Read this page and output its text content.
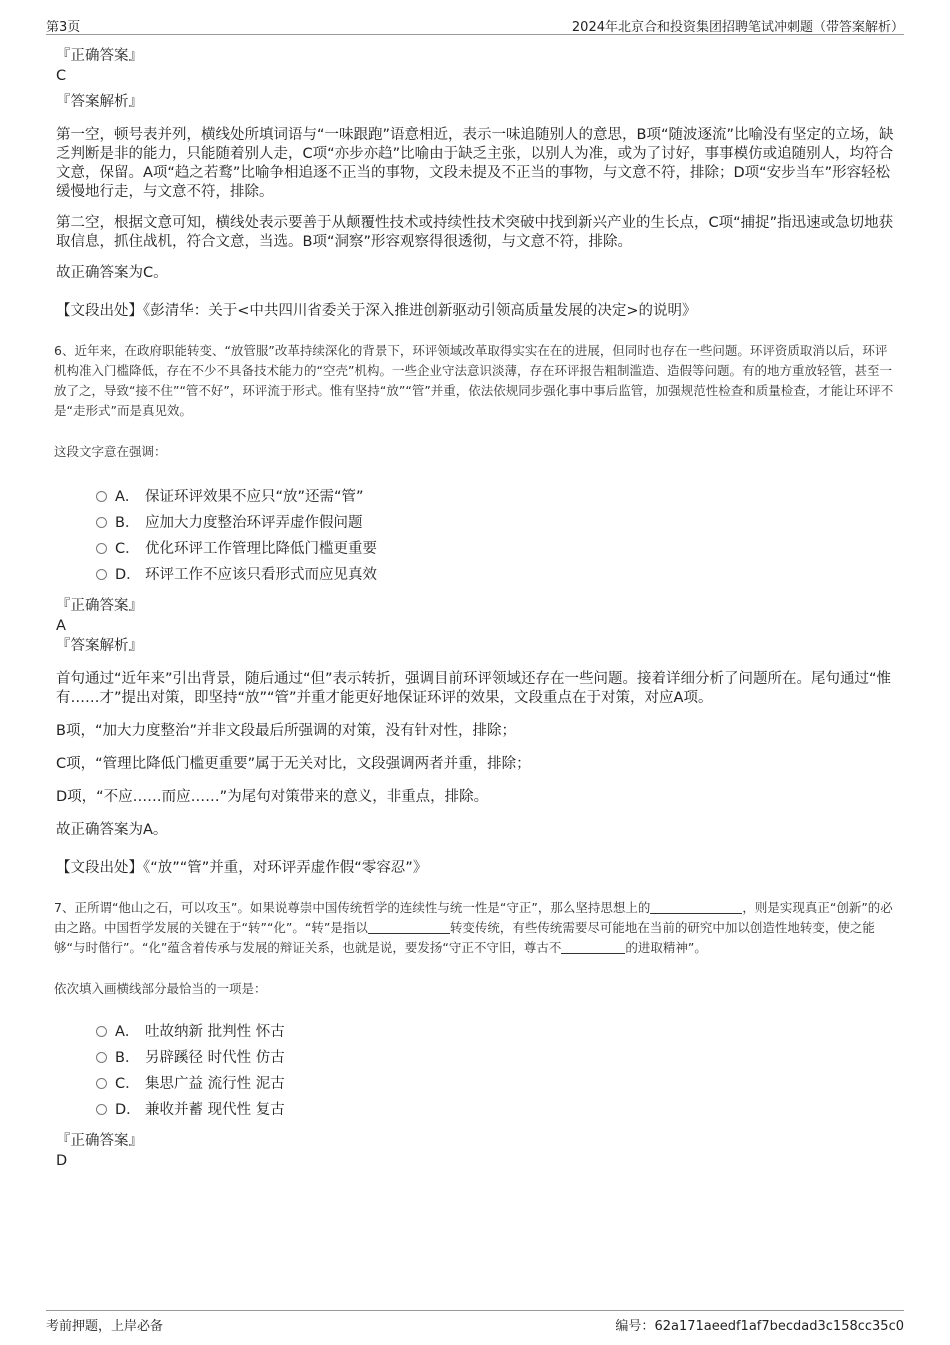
第3页	2024年北京合和投资集团招聘笔试冲刺题（带答案解析）
『正确答案』
C
『答案解析』

第一空，顿号表并列，横线处所填词语与“一味跟跑”语意相近，表示一味追随别人的意思，B项“随波逐流”比喻没有坚定的立场，缺乏判断是非的能力，只能随着别人走，C项“亦步亦趋”比喻由于缺乏主张，以别人为准，或为了讨好，事事模仿或追随别人，均符合文意，保留。A项“趋之若鹜”比喻争相追逐不正当的事物，文段未提及不正当的事物，与文意不符，排除；D项“安步当车”形容轻松缓慢地行走，与文意不符，排除。

第二空，根据文意可知，横线处表示要善于从颠覆性技术或持续性技术突破中找到新兴产业的生长点，C项“捕捉”指迅速或急切地获取信息，抓住战机，符合文意，当选。B项“洞察”形容观察得很透彻，与文意不符，排除。

故正确答案为C。

【文段出处】《彭清华：关于<中共四川省委关于深入推进创新驱动引领高质量发展的决定>的说明》

6、近年来，在政府职能转变、“放管服”改革持续深化的背景下，环评领域改革取得实实在在的进展，但同时也存在一些问题。环评资质取消以后，环评机构准入门槛降低，存在不少不具备技术能力的“空壳”机构。一些企业守法意识淡薄，存在环评报告粗制滥造、造假等问题。有的地方重放轻管，甚至一放了之，导致“接不住”“管不好”，环评流于形式。惟有坚持“放”“管”并重，依法依规同步强化事中事后监管，加强规范性检查和质量检查，才能让环评不是“走形式”而是真见效。

这段文字意在强调：

A． 保证环评效果不应只“放”还需“管”
B． 应加大力度整治环评弄虚作假问题
C． 优化环评工作管理比降低门槛更重要
D． 环评工作不应该只看形式而应见真效
『正确答案』
A
『答案解析』

首句通过“近年来”引出背景，随后通过“但”表示转折，强调目前环评领域还存在一些问题。接着详细分析了问题所在。尾句通过“惟有……才”提出对策，即坚持“放”“管”并重才能更好地保证环评的效果，文段重点在于对策，对应A项。

B项，“加大力度整治”并非文段最后所强调的对策，没有针对性，排除；

C项，“管理比降低门槛更重要”属于无关对比，文段强调两者并重，排除；

D项，“不应……而应……”为尾句对策带来的意义，非重点，排除。

故正确答案为A。

【文段出处】《“放”“管”并重，对环评弄虚作假“零容忍”》

7、正所谓“他山之石，可以攻玉”。如果说尊崇中国传统哲学的连续性与统一性是“守正”，那么坚持思想上的	，则是实现真正“创新”的必由之路。中国哲学发展的关键在于“转”“化”。“转”是指以	转变传统，有些传统需要尽可能地在当前的研究中加以创造性地转变，使之能够“与时偕行”。“化”蕴含着传承与发展的辩证关系，也就是说，要发扬“守正不守旧，尊古不	的进取精神”。

依次填入画横线部分最恰当的一项是：

A． 吐故纳新 批判性 怀古
B． 另辟蹊径 时代性 仿古
C． 集思广益 流行性 泥古
D． 兼收并蓄 现代性 复古
『正确答案』
D
考前押题，上岸必备	编号：62a171aeedf1af7becdad3c158cc35c0
